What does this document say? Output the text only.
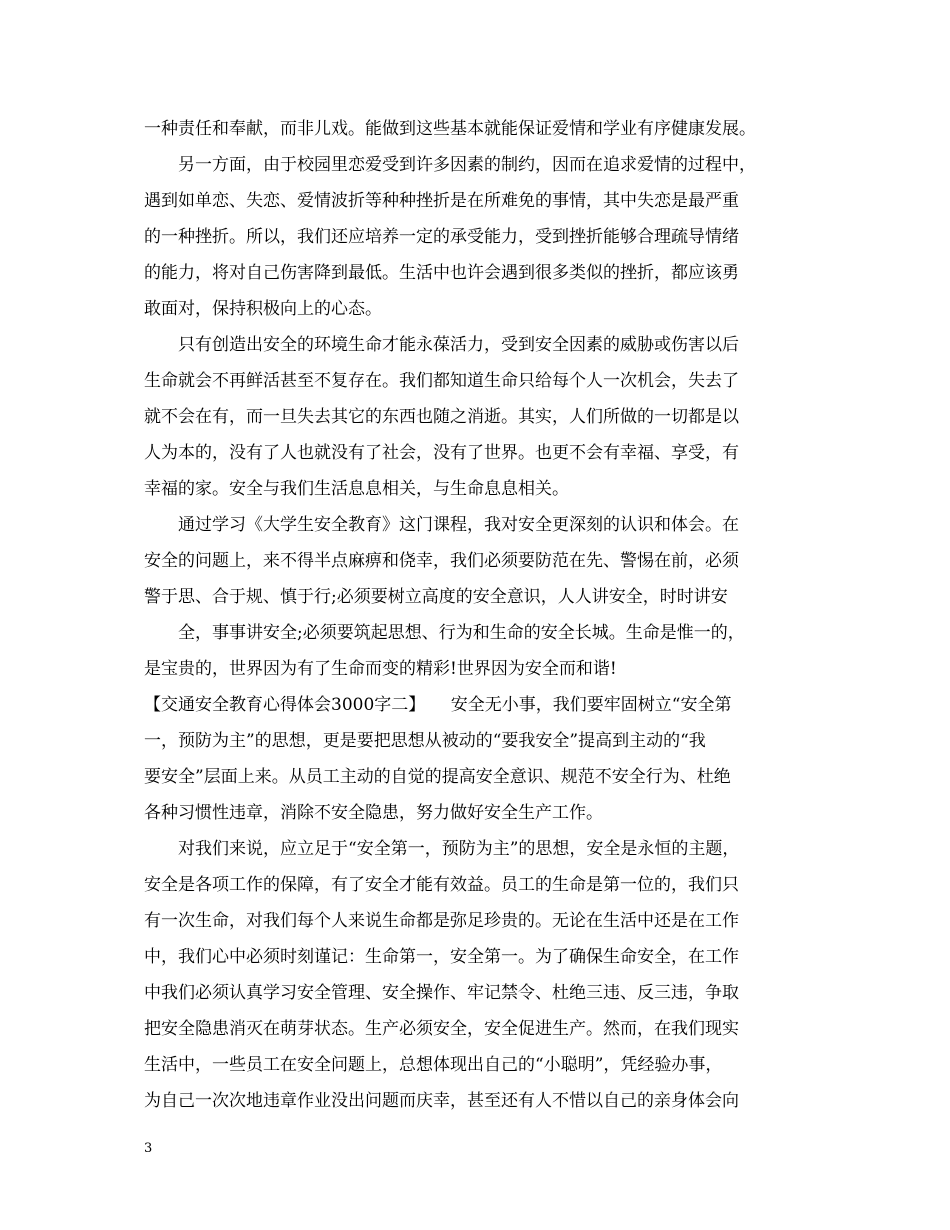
一种责任和奉献，而非儿戏。能做到这些基本就能保证爱情和学业有序健康发展。
另一方面，由于校园里恋爱受到许多因素的制约，因而在追求爱情的过程中，
遇到如单恋、失恋、爱情波折等种种挫折是在所难免的事情，其中失恋是最严重
的一种挫折。所以，我们还应培养一定的承受能力，受到挫折能够合理疏导情绪
的能力，将对自己伤害降到最低。生活中也许会遇到很多类似的挫折，都应该勇
敢面对，保持积极向上的心态。
只有创造出安全的环境生命才能永葆活力，受到安全因素的威胁或伤害以后
生命就会不再鲜活甚至不复存在。我们都知道生命只给每个人一次机会，失去了
就不会在有，而一旦失去其它的东西也随之消逝。其实，人们所做的一切都是以
人为本的，没有了人也就没有了社会，没有了世界。也更不会有幸福、享受，有
幸福的家。安全与我们生活息息相关，与生命息息相关。
通过学习《大学生安全教育》这门课程，我对安全更深刻的认识和体会。在
安全的问题上，来不得半点麻痹和侥幸，我们必须要防范在先、警惕在前，必须
警于思、合于规、慎于行;必须要树立高度的安全意识，人人讲安全，时时讲安
全，事事讲安全;必须要筑起思想、行为和生命的安全长城。生命是惟一的，
是宝贵的，世界因为有了生命而变的精彩!世界因为安全而和谐!
【交通安全教育心得体会3000字二】　　安全无小事，我们要牢固树立“安全第
一，预防为主”的思想，更是要把思想从被动的“要我安全”提高到主动的“我
要安全”层面上来。从员工主动的自觉的提高安全意识、规范不安全行为、杜绝
各种习惯性违章，消除不安全隐患，努力做好安全生产工作。
对我们来说，应立足于“安全第一，预防为主”的思想，安全是永恒的主题，
安全是各项工作的保障，有了安全才能有效益。员工的生命是第一位的，我们只
有一次生命，对我们每个人来说生命都是弥足珍贵的。无论在生活中还是在工作
中，我们心中必须时刻谨记：生命第一，安全第一。为了确保生命安全，在工作
中我们必须认真学习安全管理、安全操作、牢记禁令、杜绝三违、反三违，争取
把安全隐患消灭在萌芽状态。生产必须安全，安全促进生产。然而，在我们现实
生活中，一些员工在安全问题上，总想体现出自己的“小聪明”，凭经验办事，
为自己一次次地违章作业没出问题而庆幸，甚至还有人不惜以自己的亲身体会向
3
